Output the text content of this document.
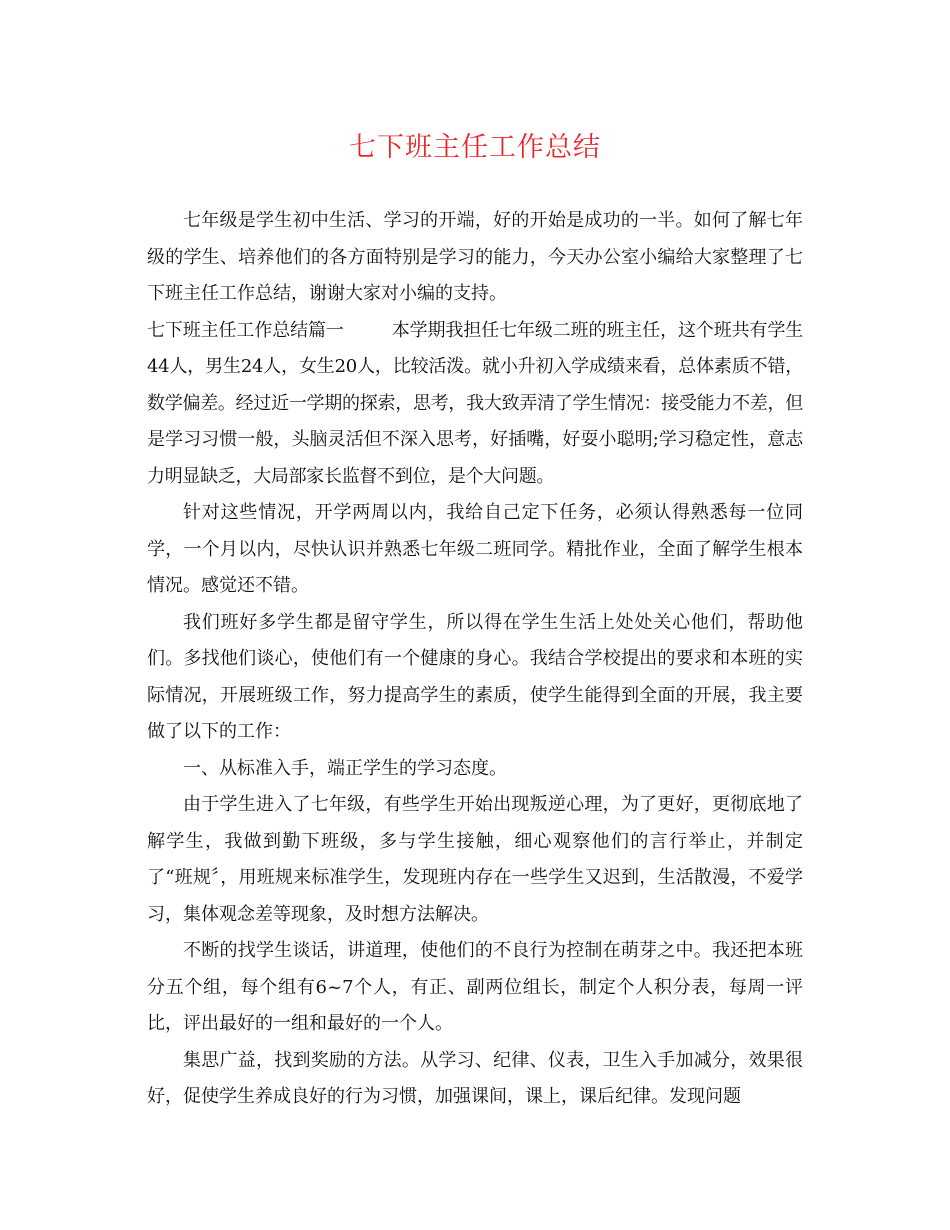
七下班主任工作总结

七年级是学生初中生活、学习的开端，好的开始是成功的一半。如何了解七年级的学生、培养他们的各方面特别是学习的能力，今天办公室小编给大家整理了七下班主任工作总结，谢谢大家对小编的支持。

七下班主任工作总结篇一	本学期我担任七年级二班的班主任，这个班共有学生44人，男生24人，女生20人，比较活泼。就小升初入学成绩来看，总体素质不错，数学偏差。经过近一学期的探索，思考，我大致弄清了学生情况：接受能力不差，但是学习习惯一般，头脑灵活但不深入思考，好插嘴，好耍小聪明;学习稳定性，意志力明显缺乏，大局部家长监督不到位，是个大问题。

针对这些情况，开学两周以内，我给自己定下任务，必须认得熟悉每一位同学，一个月以内，尽快认识并熟悉七年级二班同学。精批作业，全面了解学生根本情况。感觉还不错。

我们班好多学生都是留守学生，所以得在学生生活上处处关心他们，帮助他们。多找他们谈心，使他们有一个健康的身心。我结合学校提出的要求和本班的实际情况，开展班级工作，努力提高学生的素质，使学生能得到全面的开展，我主要做了以下的工作：

一、从标准入手，端正学生的学习态度。

由于学生进入了七年级，有些学生开始出现叛逆心理，为了更好，更彻底地了解学生，我做到勤下班级，多与学生接触，细心观察他们的言行举止，并制定了“班规〞，用班规来标准学生，发现班内存在一些学生又迟到，生活散漫，不爱学习，集体观念差等现象，及时想方法解决。

不断的找学生谈话，讲道理，使他们的不良行为控制在萌芽之中。我还把本班分五个组，每个组有6~7个人，有正、副两位组长，制定个人积分表，每周一评比，评出最好的一组和最好的一个人。

集思广益，找到奖励的方法。从学习、纪律、仪表，卫生入手加减分，效果很好，促使学生养成良好的行为习惯，加强课间，课上，课后纪律。发现问题
